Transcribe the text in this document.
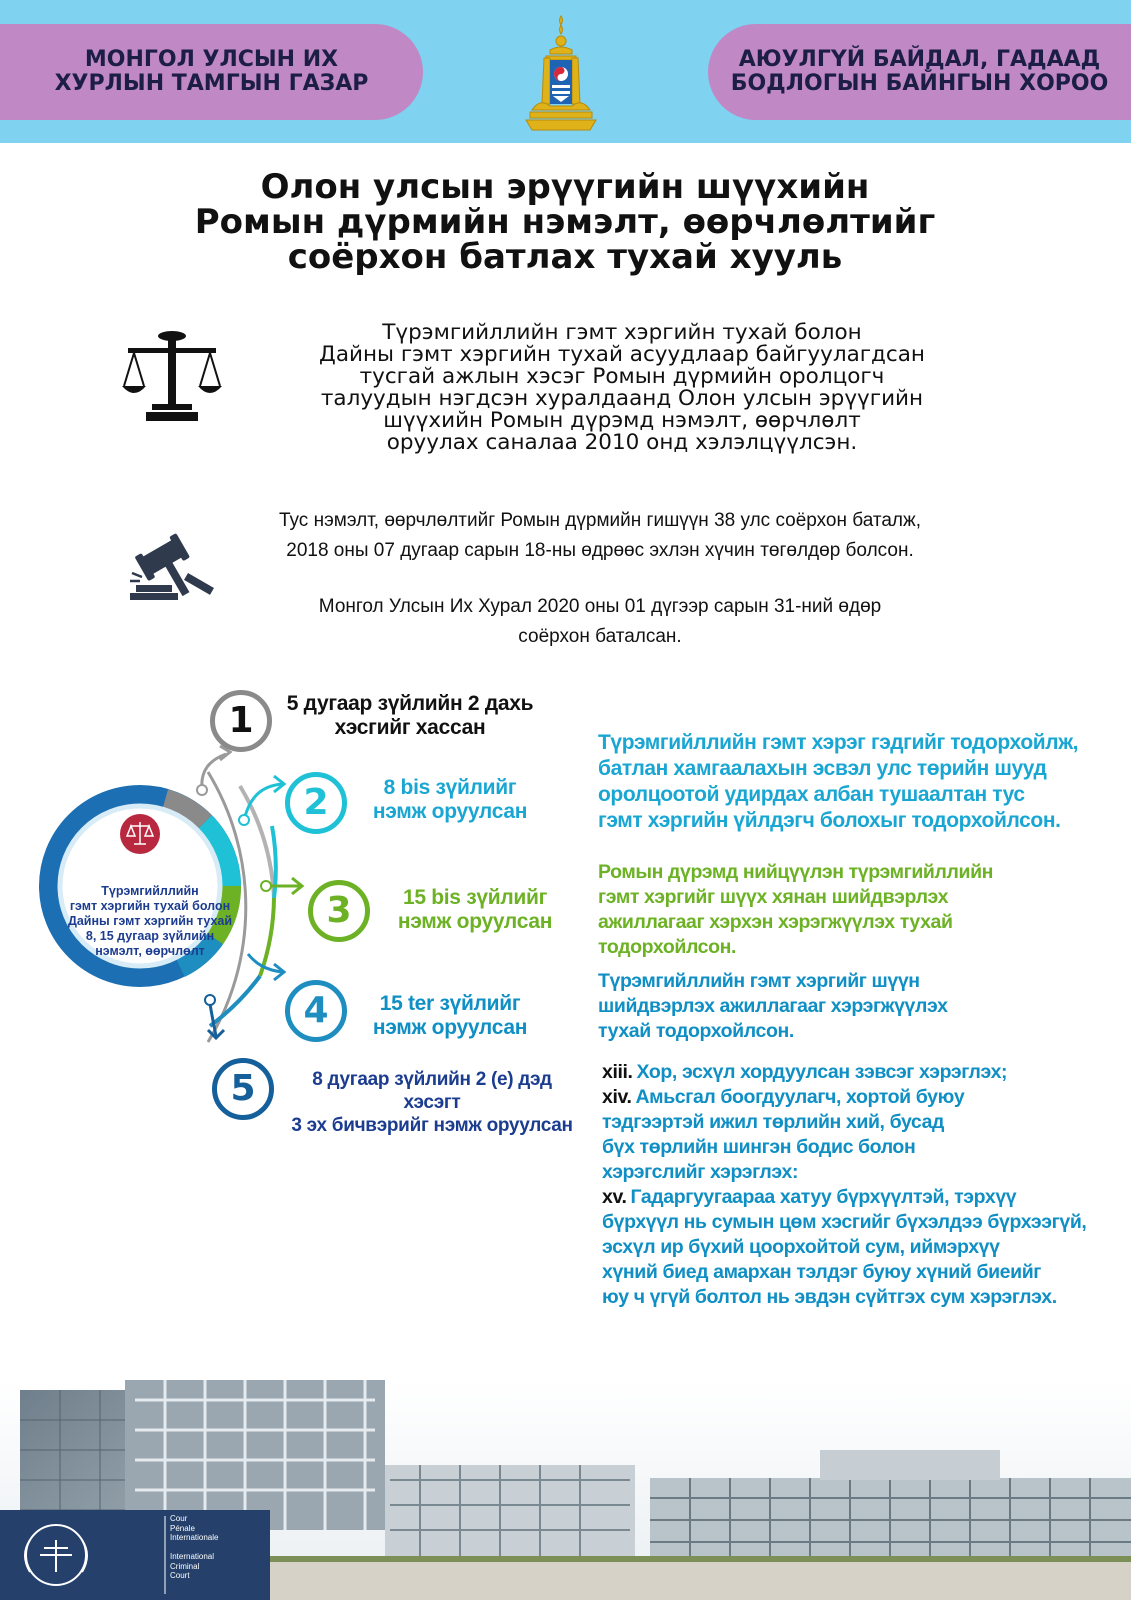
МОНГОЛ УЛСЫН ИХ
ХУРЛЫН ТАМГЫН ГАЗАР
АЮУЛГҮЙ БАЙДАЛ, ГАДААД
БОДЛОГЫН БАЙНГЫН ХОРОО
Олон улсын эрүүгийн шүүхийн
Ромын дүрмийн нэмэлт, өөрчлөлтийг
соёрхон батлах тухай хууль
Түрэмгийллийн гэмт хэргийн тухай болон
Дайны гэмт хэргийн тухай асуудлаар байгуулагдсан
тусгай ажлын хэсэг Ромын дүрмийн оролцогч
талуудын нэгдсэн хуралдаанд Олон улсын эрүүгийн
шүүхийн Ромын дүрэмд нэмэлт, өөрчлөлт
оруулах саналаа 2010 онд хэлэлцүүлсэн.
Тус нэмэлт, өөрчлөлтийг Ромын дүрмийн гишүүн 38 улс соёрхон баталж,
2018 оны 07 дугаар сарын 18-ны өдрөөс эхлэн хүчин төгөлдөр болсон.
Монгол Улсын Их Хурал 2020 оны 01 дүгээр сарын 31-ний өдөр
соёрхон баталсан.
Түрэмгийллийн
гэмт хэргийн тухай болон
Дайны гэмт хэргийн тухай
8, 15 дугаар зүйлийн
нэмэлт, өөрчлөлт
1	5 дугаар зүйлийн 2 дахь
хэсгийг хассан
2	8 bis зүйлийг
нэмж оруулсан
3	15 bis зүйлийг
нэмж оруулсан
4	15 ter зүйлийг
нэмж оруулсан
5	8 дугаар зүйлийн 2 (е) дэд хэсэгт
3 эх бичвэрийг нэмж оруулсан
Түрэмгийллийн гэмт хэрэг гэдгийг тодорхойлж,
батлан хамгаалахын эсвэл улс төрийн шууд
оролцоотой удирдах албан тушаалтан тус
гэмт хэргийн үйлдэгч болохыг тодорхойлсон.
Ромын дүрэмд нийцүүлэн түрэмгийллийн
гэмт хэргийг шүүх хянан шийдвэрлэх
ажиллагааг хэрхэн хэрэгжүүлэх тухай
тодорхойлсон.
Түрэмгийллийн гэмт хэргийг шүүн
шийдвэрлэх ажиллагааг хэрэгжүүлэх
тухай тодорхойлсон.
xiii. Хор, эсхүл хордуулсан зэвсэг хэрэглэх;
xiv. Амьсгал боогдуулагч, хортой буюу
тэдгээртэй ижил төрлийн хий, бусад
бүх төрлийн шингэн бодис болон
хэрэгслийг хэрэглэх:
xv. Гадаргуугаараа хатуу бүрхүүлтэй, тэрхүү
бүрхүүл нь сумын цөм хэсгийг бүхэлдээ бүрхээгүй,
эсхүл ир бүхий цоорхойтой сум, иймэрхүү
хүний биед амархан тэлдэг буюу хүний биеийг
юу ч үгүй болтол нь эвдэн сүйтгэх сум хэрэглэх.
Cour
Pénale
Internationale

International
Criminal
Court
